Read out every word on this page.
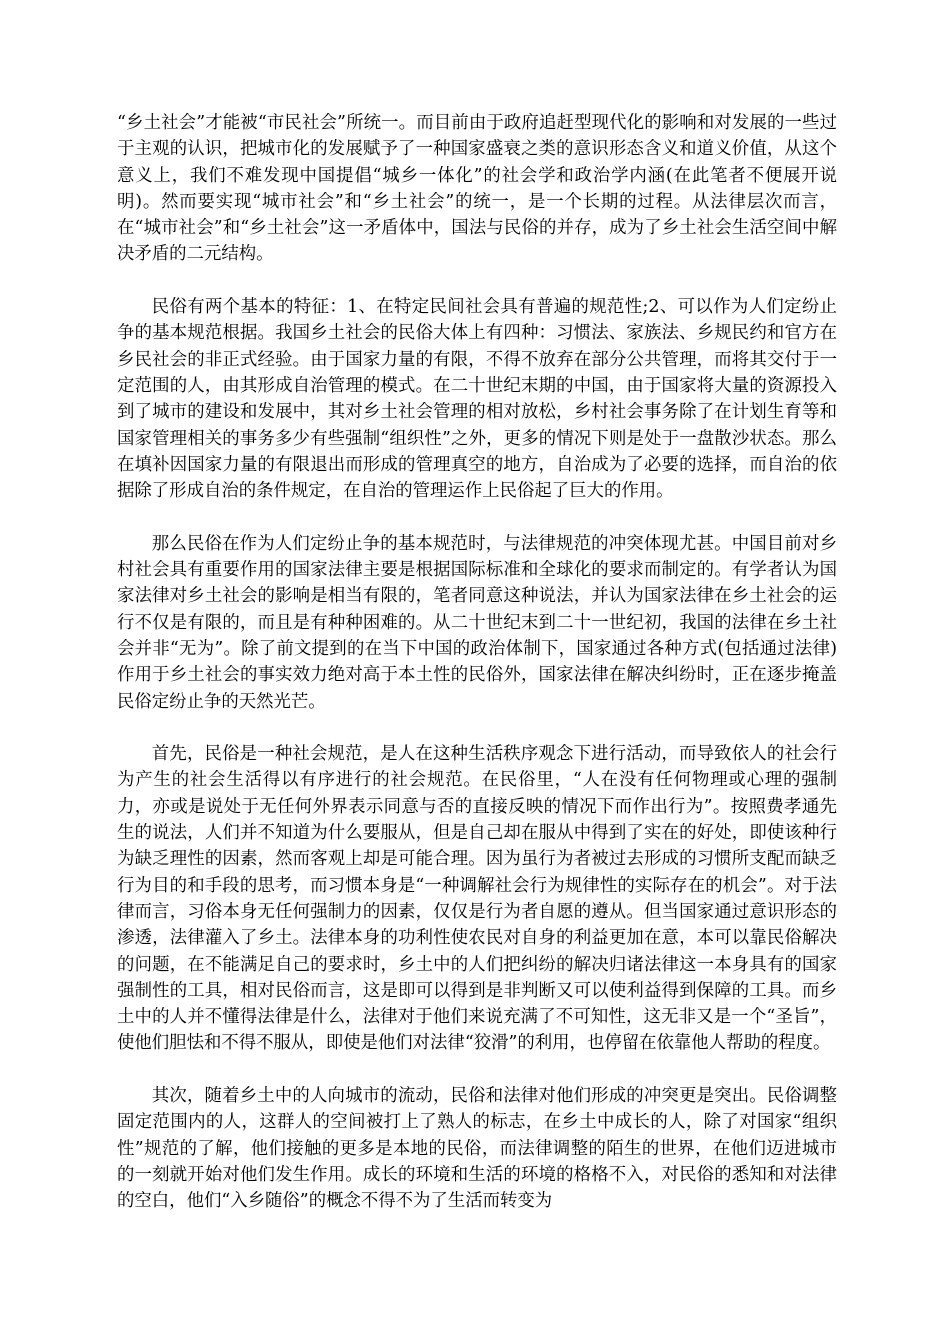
“乡土社会”才能被“市民社会”所统一。而目前由于政府追赶型现代化的影响和对发展的一些过于主观的认识，把城市化的发展赋予了一种国家盛衰之类的意识形态含义和道义价值，从这个意义上，我们不难发现中国提倡“城乡一体化”的社会学和政治学内涵(在此笔者不便展开说明)。然而要实现“城市社会”和“乡土社会”的统一，是一个长期的过程。从法律层次而言，在“城市社会”和“乡土社会”这一矛盾体中，国法与民俗的并存，成为了乡土社会生活空间中解决矛盾的二元结构。

民俗有两个基本的特征：1、在特定民间社会具有普遍的规范性;2、可以作为人们定纷止争的基本规范根据。我国乡土社会的民俗大体上有四种：习惯法、家族法、乡规民约和官方在乡民社会的非正式经验。由于国家力量的有限，不得不放弃在部分公共管理，而将其交付于一定范围的人，由其形成自治管理的模式。在二十世纪末期的中国，由于国家将大量的资源投入到了城市的建设和发展中，其对乡土社会管理的相对放松，乡村社会事务除了在计划生育等和国家管理相关的事务多少有些强制“组织性”之外，更多的情况下则是处于一盘散沙状态。那么在填补因国家力量的有限退出而形成的管理真空的地方，自治成为了必要的选择，而自治的依据除了形成自治的条件规定，在自治的管理运作上民俗起了巨大的作用。

那么民俗在作为人们定纷止争的基本规范时，与法律规范的冲突体现尤甚。中国目前对乡村社会具有重要作用的国家法律主要是根据国际标准和全球化的要求而制定的。有学者认为国家法律对乡土社会的影响是相当有限的，笔者同意这种说法，并认为国家法律在乡土社会的运行不仅是有限的，而且是有种种困难的。从二十世纪末到二十一世纪初，我国的法律在乡土社会并非“无为”。除了前文提到的在当下中国的政治体制下，国家通过各种方式(包括通过法律)作用于乡土社会的事实效力绝对高于本土性的民俗外，国家法律在解决纠纷时，正在逐步掩盖民俗定纷止争的天然光芒。

首先，民俗是一种社会规范，是人在这种生活秩序观念下进行活动，而导致依人的社会行为产生的社会生活得以有序进行的社会规范。在民俗里，“人在没有任何物理或心理的强制力，亦或是说处于无任何外界表示同意与否的直接反映的情况下而作出行为”。按照费孝通先生的说法，人们并不知道为什么要服从，但是自己却在服从中得到了实在的好处，即使该种行为缺乏理性的因素，然而客观上却是可能合理。因为虽行为者被过去形成的习惯所支配而缺乏行为目的和手段的思考，而习惯本身是“一种调解社会行为规律性的实际存在的机会”。对于法律而言，习俗本身无任何强制力的因素，仅仅是行为者自愿的遵从。但当国家通过意识形态的渗透，法律灌入了乡土。法律本身的功利性使农民对自身的利益更加在意，本可以靠民俗解决的问题，在不能满足自己的要求时，乡土中的人们把纠纷的解决归诸法律这一本身具有的国家强制性的工具，相对民俗而言，这是即可以得到是非判断又可以使利益得到保障的工具。而乡土中的人并不懂得法律是什么，法律对于他们来说充满了不可知性，这无非又是一个“圣旨”，使他们胆怯和不得不服从，即使是他们对法律“狡滑”的利用，也停留在依靠他人帮助的程度。

其次，随着乡土中的人向城市的流动，民俗和法律对他们形成的冲突更是突出。民俗调整固定范围内的人，这群人的空间被打上了熟人的标志，在乡土中成长的人，除了对国家“组织性”规范的了解，他们接触的更多是本地的民俗，而法律调整的陌生的世界，在他们迈进城市的一刻就开始对他们发生作用。成长的环境和生活的环境的格格不入，对民俗的悉知和对法律的空白，他们“入乡随俗”的概念不得不为了生活而转变为
